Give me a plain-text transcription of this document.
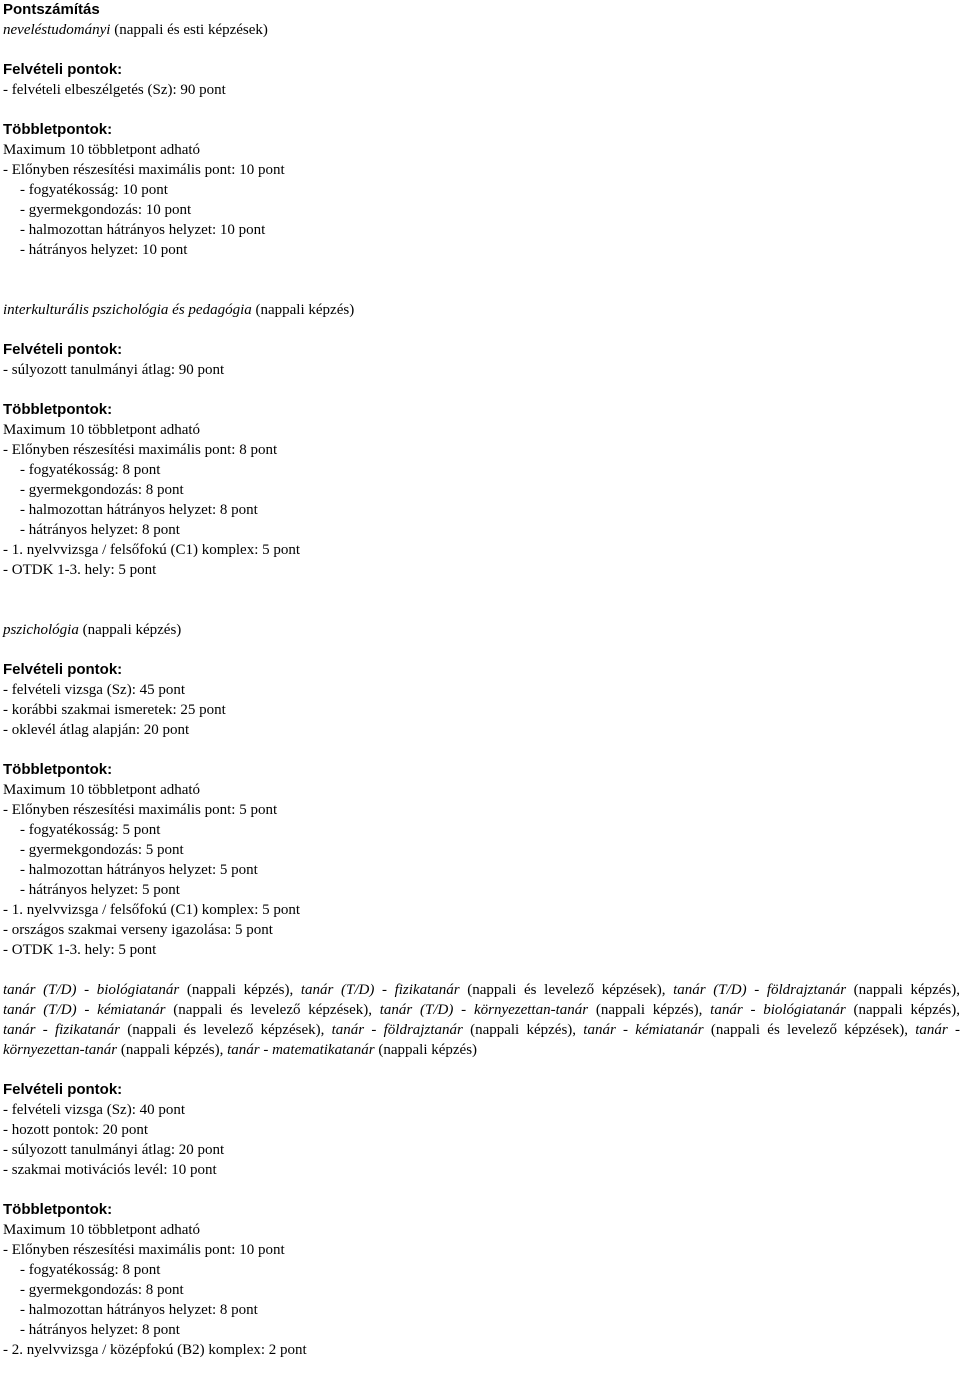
Pontszámítás
neveléstudományi (nappali és esti képzések)
Felvételi pontok:
- felvételi elbeszélgetés (Sz): 90 pont
Többletpontok:
Maximum 10 többletpont adható
- Előnyben részesítési maximális pont: 10 pont
- fogyatékosság: 10 pont
- gyermekgondozás: 10 pont
- halmozottan hátrányos helyzet: 10 pont
- hátrányos helyzet: 10 pont
interkulturális pszichológia és pedagógia (nappali képzés)
Felvételi pontok:
- súlyozott tanulmányi átlag: 90 pont
Többletpontok:
Maximum 10 többletpont adható
- Előnyben részesítési maximális pont: 8 pont
- fogyatékosság: 8 pont
- gyermekgondozás: 8 pont
- halmozottan hátrányos helyzet: 8 pont
- hátrányos helyzet: 8 pont
- 1. nyelvvizsga / felsőfokú (C1) komplex: 5 pont
- OTDK 1-3. hely: 5 pont
pszichológia (nappali képzés)
Felvételi pontok:
- felvételi vizsga (Sz): 45 pont
- korábbi szakmai ismeretek: 25 pont
- oklevél átlag alapján: 20 pont
Többletpontok:
Maximum 10 többletpont adható
- Előnyben részesítési maximális pont: 5 pont
- fogyatékosság: 5 pont
- gyermekgondozás: 5 pont
- halmozottan hátrányos helyzet: 5 pont
- hátrányos helyzet: 5 pont
- 1. nyelvvizsga / felsőfokú (C1) komplex: 5 pont
- országos szakmai verseny igazolása: 5 pont
- OTDK 1-3. hely: 5 pont
tanár (T/D) - biológiatanár (nappali képzés), tanár (T/D) - fizikatanár (nappali és levelező képzések), tanár (T/D) - földrajztanár (nappali képzés),
tanár (T/D) - kémiatanár (nappali és levelező képzések), tanár (T/D) - környezettan-tanár (nappali képzés), tanár - biológiatanár (nappali képzés),
tanár - fizikatanár (nappali és levelező képzések), tanár - földrajztanár (nappali képzés), tanár - kémiatanár (nappali és levelező képzések), tanár -
környezettan-tanár (nappali képzés), tanár - matematikatanár (nappali képzés)
Felvételi pontok:
- felvételi vizsga (Sz): 40 pont
- hozott pontok: 20 pont
- súlyozott tanulmányi átlag: 20 pont
- szakmai motivációs levél: 10 pont
Többletpontok:
Maximum 10 többletpont adható
- Előnyben részesítési maximális pont: 10 pont
- fogyatékosság: 8 pont
- gyermekgondozás: 8 pont
- halmozottan hátrányos helyzet: 8 pont
- hátrányos helyzet: 8 pont
- 2. nyelvvizsga / középfokú (B2) komplex: 2 pont
